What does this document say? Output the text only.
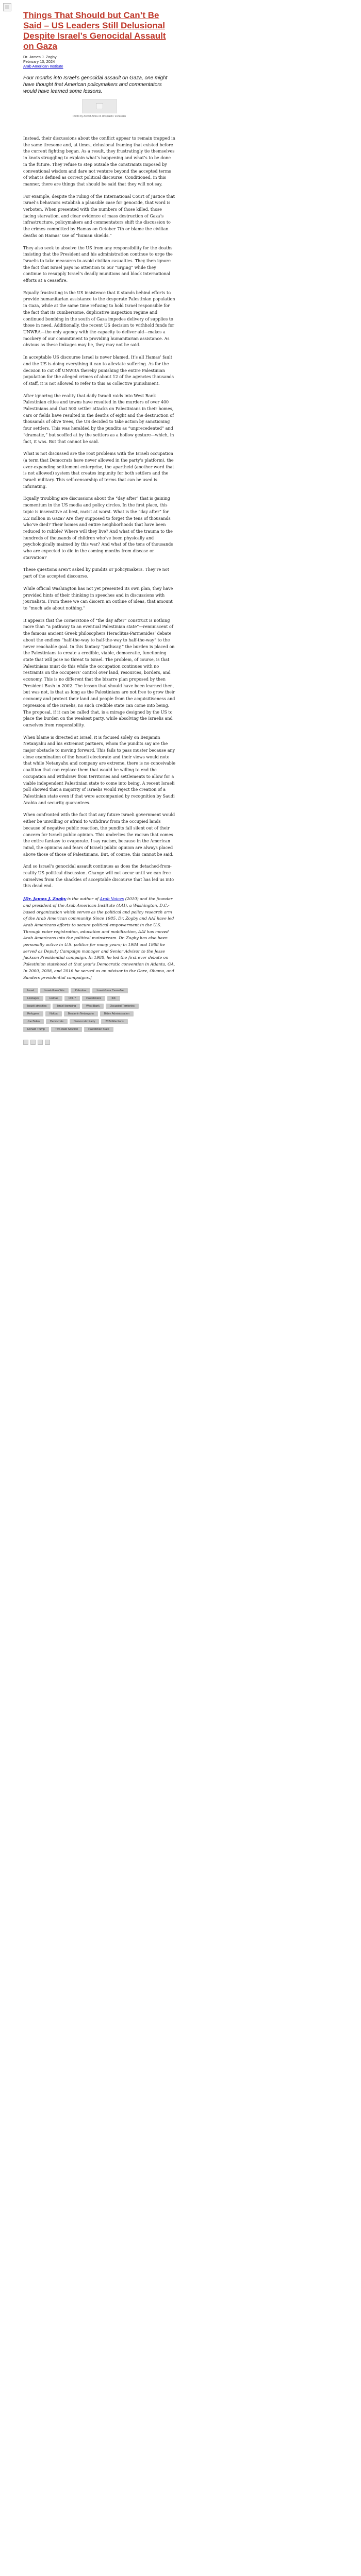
Things That Should but Can’t Be Said – US Leaders Still Delusional Despite Israel’s Genocidal Assault on Gaza
Dr. James J. Zogby
February 10, 2024
Arab American Institute
Four months into Israel’s genocidal assault on Gaza, one might have thought that American policymakers and commentators would have learned some lessons.
Photo by Ashraf Amra on Unsplash / Ziviasaku

Instead, their discussions about the conflict appear to remain trapped in the same tiresome and, at times, delusional framing that existed before the current fighting began. As a result, they frustratingly tie themselves in knots struggling to explain what’s happening and what’s to be done in the future. They refuse to step outside the constraints imposed by conventional wisdom and dare not venture beyond the accepted terms of what is defined as correct political discourse. Conditioned, in this manner, there are things that should be said that they will not say.

For example, despite the ruling of the International Court of Justice that Israel’s behaviors establish a plausible case for genocide, that word is verboten. When presented with the numbers of those killed, those facing starvation, and clear evidence of mass destruction of Gaza’s infrastructure, policymakers and commentators shift the discussion to the crimes committed by Hamas on October 7th or blame the civilian deaths on Hamas’ use of “human shields.”

They also seek to absolve the US from any responsibility for the deaths insisting that the President and his administration continue to urge the Israelis to take measures to avoid civilian casualties. They then ignore the fact that Israel pays no attention to our “urging” while they continue to resupply Israel’s deadly munitions and block international efforts at a ceasefire.

Equally frustrating is the US insistence that it stands behind efforts to provide humanitarian assistance to the desperate Palestinian population in Gaza, while at the same time refusing to hold Israel responsible for the fact that its cumbersome, duplicative inspection regime and continued bombing in the south of Gaza impedes delivery of supplies to those in need. Additionally, the recent US decision to withhold funds for UNWRA—the only agency with the capacity to deliver aid—makes a mockery of our commitment to providing humanitarian assistance. As obvious as these linkages may be, they may not be said.

In acceptable US discourse Israel is never blamed. It’s all Hamas’ fault and the US is doing everything it can to alleviate suffering. As for the decision to cut off UNWRA thereby punishing the entire Palestinian population for the alleged crimes of about 12 of the agencies thousands of staff, it is not allowed to refer to this as collective punishment.

After ignoring the reality that daily Israeli raids into West Bank Palestinian cities and towns have resulted in the murders of over 400 Palestinians and that 500 settler attacks on Palestinians in their homes, cars or fields have resulted in the deaths of eight and the destruction of thousands of olive trees, the US decided to take action by sanctioning four settlers. This was heralded by the pundits as “unprecedented” and “dramatic,” but scoffed at by the settlers as a hollow gesture—which, in fact, it was. But that cannot be said.

What is not discussed are the root problems with the Israeli occupation (a term that Democrats have never allowed in the party’s platform), the ever-expanding settlement enterprise, the apartheid (another word that is not allowed) system that creates impunity for both settlers and the Israeli military. This self-censorship of terms that can be used is infuriating.

Equally troubling are discussions about the “day after” that is gaining momentum in the US media and policy circles. In the first place, this topic is insensitive at best, racist at worst. What is the “day after” for 2.2 million in Gaza? Are they supposed to forget the tens of thousands who’ve died? Their homes and entire neighborhoods that have been reduced to rubble? Where will they live? And what of the trauma to the hundreds of thousands of children who’ve been physically and psychologically maimed by this war? And what of the tens of thousands who are expected to die in the coming months from disease or starvation?

These questions aren’t asked by pundits or policymakers. They’re not part of the accepted discourse.

While official Washington has not yet presented its own plan, they have provided hints of their thinking in speeches and in discussions with journalists. From these we can discern an outline of ideas, that amount to “much ado about nothing.”

It appears that the cornerstone of “the day after” construct is nothing more than “a pathway to an eventual Palestinian state”—reminiscent of the famous ancient Greek philosophers Heraclitus-Parmenides’ debate about the endless “half-the-way to half-the-way to half-the-way” to the never reachable goal. In this fantasy “pathway,” the burden is placed on the Palestinians to create a credible, viable, democratic, functioning state that will pose no threat to Israel. The problem, of course, is that Palestinians must do this while the occupation continues with no restraints on the occupiers’ control over land, resources, borders, and economy. This is no different that the bizarre plan proposed by then President Bush in 2002. The lesson that should have been learned then, but was not, is that as long as the Palestinians are not free to grow their economy and protect their land and people from the acquisitiveness and repression of the Israelis, no such credible state can come into being. The proposal, if it can be called that, is a mirage designed by the US to place the burden on the weakest party, while absolving the Israelis and ourselves from responsibility.

When blame is directed at Israel, it is focused solely on Benjamin Netanyahu and his extremist partners, whom the pundits say are the major obstacle to moving forward. This fails to pass muster because any close examination of the Israeli electorate and their views would note that while Netanyahu and company are extreme, there is no conceivable coalition that can replace them that would be willing to end the occupation and withdraw from territories and settlements to allow for a viable independent Palestinian state to come into being. A recent Israeli poll showed that a majority of Israelis would reject the creation of a Palestinian state even if that were accompanied by recognition by Saudi Arabia and security guarantees.

When confronted with the fact that any future Israeli government would either be unwilling or afraid to withdraw from the occupied lands because of negative public reaction, the pundits fall silent out of their concern for Israeli public opinion. This underlies the racism that comes the entire fantasy to evaporate. I say racism, because in the American mind, the opinions and fears of Israeli public opinion are always placed above those of those of Palestinians. But, of course, this cannot be said.

And so Israel’s genocidal assault continues as does the detached-from-reality US political discussion. Change will not occur until we can free ourselves from the shackles of acceptable discourse that has led us into this dead end.

[Dr. James J. Zogby is the author of Arab Voices (2010) and the founder and president of the Arab American Institute (AAI), a Washington, D.C.-based organization which serves as the political and policy research arm of the Arab American community. Since 1985, Dr. Zogby and AAI have led Arab Americans efforts to secure political empowerment in the U.S. Through voter registration, education and mobilization, AAI has moved Arab Americans into the political mainstream. Dr. Zogby has also been personally active in U.S. politics for many years; in 1984 and 1988 he served as Deputy Campaign manager and Senior Advisor to the Jesse Jackson Presidential campaign. In 1988, he led the first ever debate on Palestinian statehood at that year’s Democratic convention in Atlanta, GA. In 2000, 2008, and 2016 he served as an advisor to the Gore, Obama, and Sanders presidential campaigns.]
Israel	Israel-Gaza War	Palestine	Israel-Gaza Ceasefire
Hostages	Hamas	Oct. 7	Palestinians	IDF
Israeli atrocities	Israeli bombing	West Bank	Occupied Territories
Refugees	Nakba	Benjamin Netanyahu	Biden Administration
Joe Biden	Democrats	Democratic Party	2024 Elections
Donald Trump	Two-state Solution	Palestinian State
